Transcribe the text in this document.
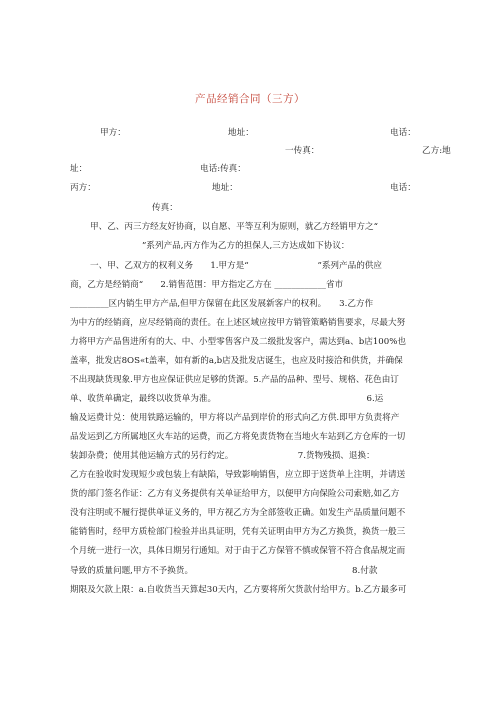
产品经销合同（三方）
甲方：	地址：	电话：
一传真：	乙方:地
址：	电话:传真：
丙方：	地址：	电话：
传真：
甲、乙、丙三方经友好协商，以自愿、平等互利为原则，就乙方经销甲方之“
”系列产品,丙方作为乙方的担保人,三方达成如下协议：
一、甲、乙双方的权利义务　　1.甲方是“　　　　　　　　”系列产品的供应
商，乙方是经销商“　　2.销售范围：甲方指定乙方在 ____________省市
_________区内销生甲方产品,但甲方保留在此区发展新客户的权利。　　3.乙方作
为中方的经销商，应尽经销商的责任。在上述区域应按甲方销管策略销售要求，尽最大努
力将甲方产品售进所有的大、中、小型零售客户及二级批发客户，需达到a、b店100%也
盖率，批发店8OS«t盖率，如有新的a,b店及批发店诞生，也应及时接洽和供货，并确保
不出现缺货现象.甲方也应保证供应足够的货源。5.产品的品种、型号、规格、花色由订
单、收货单确定，最终以收货单为准。　　　　　　　　　　　　　　　　　　6.运
输及运费计兑：使用铁路运输的，甲方将以产品到岸价的形式向乙方供.即甲方负责将产
品发运到乙方所属地区火车站的运费，而乙方将免责货物在当地火车站到乙方仓库的一切
装卸杂费；使用其他运输方式的另行约定。　　　　　　　　7.货物残损、退换：
乙方在验收时发现短少或包装上有缺陷，导致影响销售，应立即于送货单上注明，并请送
货的部门签名作证：乙方有义务提供有关单证给甲方，以便甲方向保险公司索赔,如乙方
没有注明或不履行提供单证义务的，甲方视乙方为全部签收正确。如发生产品质量问题不
能销售时，经甲方质检部门检验并出具证明，凭有关证明由甲方为乙方换货，换货一般三
个月统一进行一次，具体日期另行通知。对于由于乙方保管不慎或保管不符合食品规定而
导致的质量问题,甲方不予换货。　　　　　　　　　　　　　　　　　　　8.付款
期限及欠款上限：a.自收货当天算起30天内，乙方要将所欠货款付给甲方。b.乙方最多可
